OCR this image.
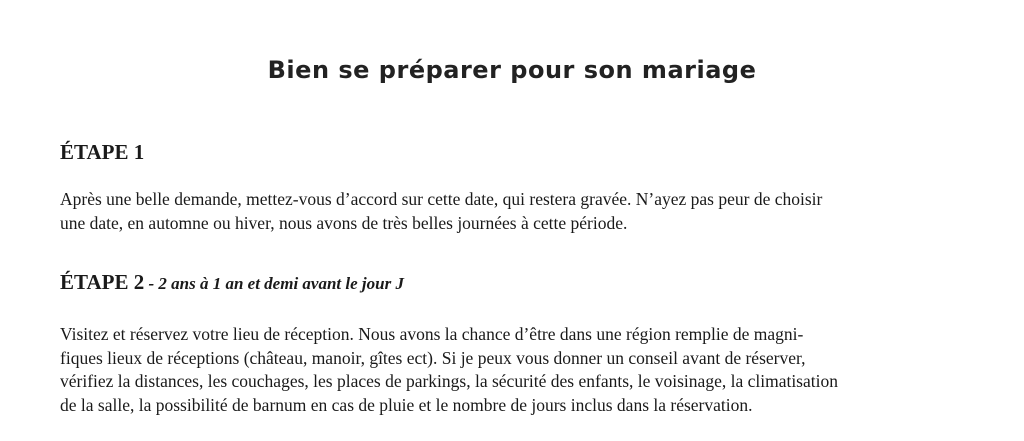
Bien se préparer pour son mariage
ÉTAPE 1
Après une belle demande, mettez-vous d’accord sur cette date, qui restera gravée. N’ayez pas peur de choisir
une date, en automne ou hiver, nous avons de très belles journées à cette période.
ÉTAPE 2 - 2 ans à 1 an et demi avant le jour J
Visitez et réservez votre lieu de réception. Nous avons la chance d’être dans une région remplie de magni-
fiques lieux de réceptions (château, manoir, gîtes ect). Si je peux vous donner un conseil avant de réserver,
vérifiez la distances, les couchages, les places de parkings, la sécurité des enfants, le voisinage, la climatisation
de la salle, la possibilité de barnum en cas de pluie et le nombre de jours inclus dans la réservation.
